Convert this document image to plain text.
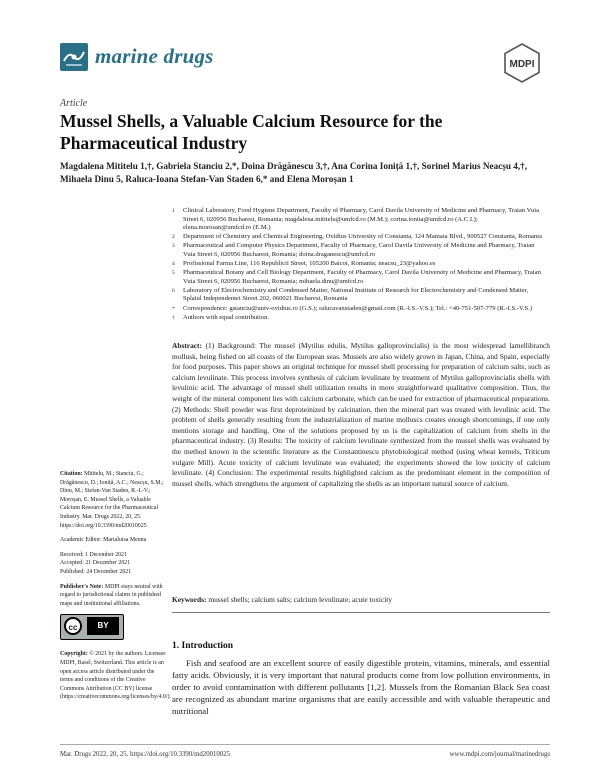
marine drugs	MDPI
Article
Mussel Shells, a Valuable Calcium Resource for the Pharmaceutical Industry
Magdalena Mititelu 1,†, Gabriela Stanciu 2,*, Doina Drăgănescu 3,†, Ana Corina Ioniță 1,†, Sorinel Marius Neacșu 4,†, Mihaela Dinu 5, Raluca-Ioana Stefan-Van Staden 6,* and Elena Moroșan 1
1 Clinical Laboratory, Food Hygiene Department, Faculty of Pharmacy, Carol Davila University of Medicine and Pharmacy, Traian Vuia Street 6, 020956 Bucharest, Romania; magdalena.mititelu@umfcd.ro (M.M.); corina.ionita@umfcd.ro (A.C.I.); elena.morosan@umfcd.ro (E.M.)
2 Department of Chemistry and Chemical Engineering, Ovidius University of Constanta, 124 Mamaia Blvd., 900527 Constanta, Romania
3 Pharmaceutical and Computer Physics Department, Faculty of Pharmacy, Carol Davila University of Medicine and Pharmacy, Traian Vuia Street 6, 020956 Bucharest, Romania; doina.draganescu@umfcd.ro
4 Profissional Farma Line, 116 Republicii Street, 105200 Baicoi, Romania; neacsu_23@yahoo.es
5 Pharmaceutical Botany and Cell Biology Department, Faculty of Pharmacy, Carol Davila University of Medicine and Pharmacy, Traian Vuia Street 6, 020956 Bucharest, Romania; mihaela.dinu@umfcd.ro
6 Laboratory of Electrochemistry and Condensed Matter, National Institute of Research for Electrochemistry and Condensed Matter, Splaiul Independentei Street 202, 060021 Bucharest, Romania
* Correspondence: gstanciu@univ-ovidius.ro (G.S.); ralucavanstaden@gmail.com (R.-I.S.-V.S.); Tel.: +40-751-507-779 (R.-I.S.-V.S.)
† Authors with equal contribution.
Abstract: (1) Background: The mussel (Mytilus edulis, Mytilus galloprovincialis) is the most widespread lamellibranch mollusk, being fished on all coasts of the European seas. Mussels are also widely grown in Japan, China, and Spain, especially for food purposes. This paper shows an original technique for mussel shell processing for preparation of calcium salts, such as calcium levulinate. This process involves synthesis of calcium levulinate by treatment of Mytilus galloprovincialis shells with levulinic acid. The advantage of mussel shell utilization results in more straightforward qualitative composition. Thus, the weight of the mineral component lies with calcium carbonate, which can be used for extraction of pharmaceutical preparations. (2) Methods: Shell powder was first deproteinized by calcination, then the mineral part was treated with levulinic acid. The problem of shells generally resulting from the industrialization of marine molluscs creates enough shortcomings, if one only mentions storage and handling. One of the solutions proposed by us is the capitalization of calcium from shells in the pharmaceutical industry. (3) Results: The toxicity of calcium levulinate synthesized from the mussel shells was evaluated by the method known in the scientific literature as the Constantinescu phytobiological method (using wheat kernels, Triticum vulgare Mill). Acute toxicity of calcium levulinate was evaluated; the experiments showed the low toxicity of calcium levulinate. (4) Conclusion: The experimental results highlighted calcium as the predominant element in the composition of mussel shells, which strengthens the argument of capitalizing the shells as an important natural source of calcium.
Keywords: mussel shells; calcium salts; calcium levulinate; acute toxicity

Citation: Mititelu, M.; Stanciu, G.; Drăgănescu, D.; Ioniță, A.C.; Neacșu, S.M.; Dinu, M.; Stefan-Van Staden, R.-I.-V.; Moroșan, E. Mussel Shells, a Valuable Calcium Resource for the Pharmaceutical Industry. Mar. Drugs 2022, 20, 25. https://doi.org/10.3390/md20010025

Academic Editor: Marialuisa Menna

Received: 1 December 2021

Accepted: 21 December 2021

Published: 24 December 2021

Publisher's Note: MDPI stays neutral with regard to jurisdictional claims in published maps and institutional affiliations.

cc	BY

Copyright: © 2021 by the authors. Licensee MDPI, Basel, Switzerland. This article is an open access article distributed under the terms and conditions of the Creative Commons Attribution (CC BY) license (https://creativecommons.org/licenses/by/4.0/).

1. Introduction
Fish and seafood are an excellent source of easily digestible protein, vitamins, minerals, and essential fatty acids. Obviously, it is very important that natural products come from low pollution environments, in order to avoid contamination with different pollutants [1,2]. Mussels from the Romanian Black Sea coast are recognized as abundant marine organisms that are easily accessible and with valuable therapeutic and nutritional
Mar. Drugs 2022, 20, 25. https://doi.org/10.3390/md20010025	www.mdpi.com/journal/marinedrugs
